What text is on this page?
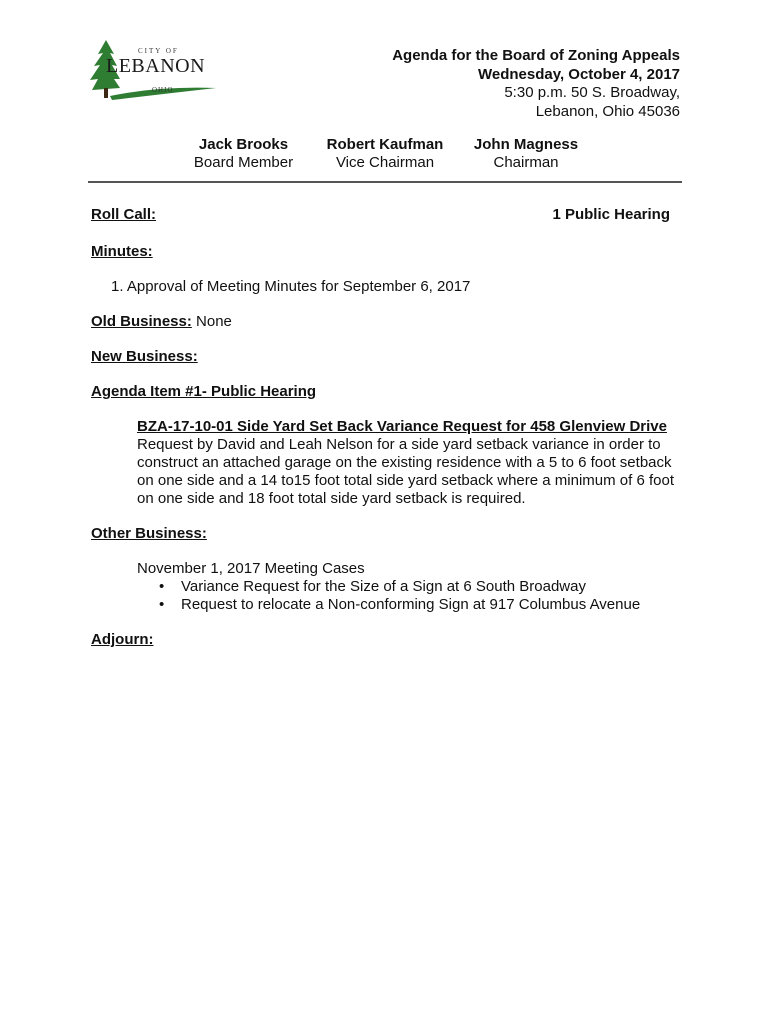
CITY OF
LEBANON
OHIO
Agenda for the Board of Zoning Appeals
Wednesday, October 4, 2017
5:30 p.m. 50 S. Broadway,
Lebanon, Ohio 45036
Jack Brooks
Board Member
Robert Kaufman
Vice Chairman
John Magness
Chairman
Roll Call:	1 Public Hearing
Minutes:
1. Approval of Meeting Minutes for September 6, 2017
Old Business: None
New Business:
Agenda Item #1- Public Hearing
BZA-17-10-01 Side Yard Set Back Variance Request for 458 Glenview Drive
Request by David and Leah Nelson for a side yard setback variance in order to
construct an attached garage on the existing residence with a 5 to 6 foot setback
on one side and a 14 to15 foot total side yard setback where a minimum of 6 foot
on one side and 18 foot total side yard setback is required.
Other Business:
November 1, 2017 Meeting Cases
• Variance Request for the Size of a Sign at 6 South Broadway
• Request to relocate a Non-conforming Sign at 917 Columbus Avenue
Adjourn:
